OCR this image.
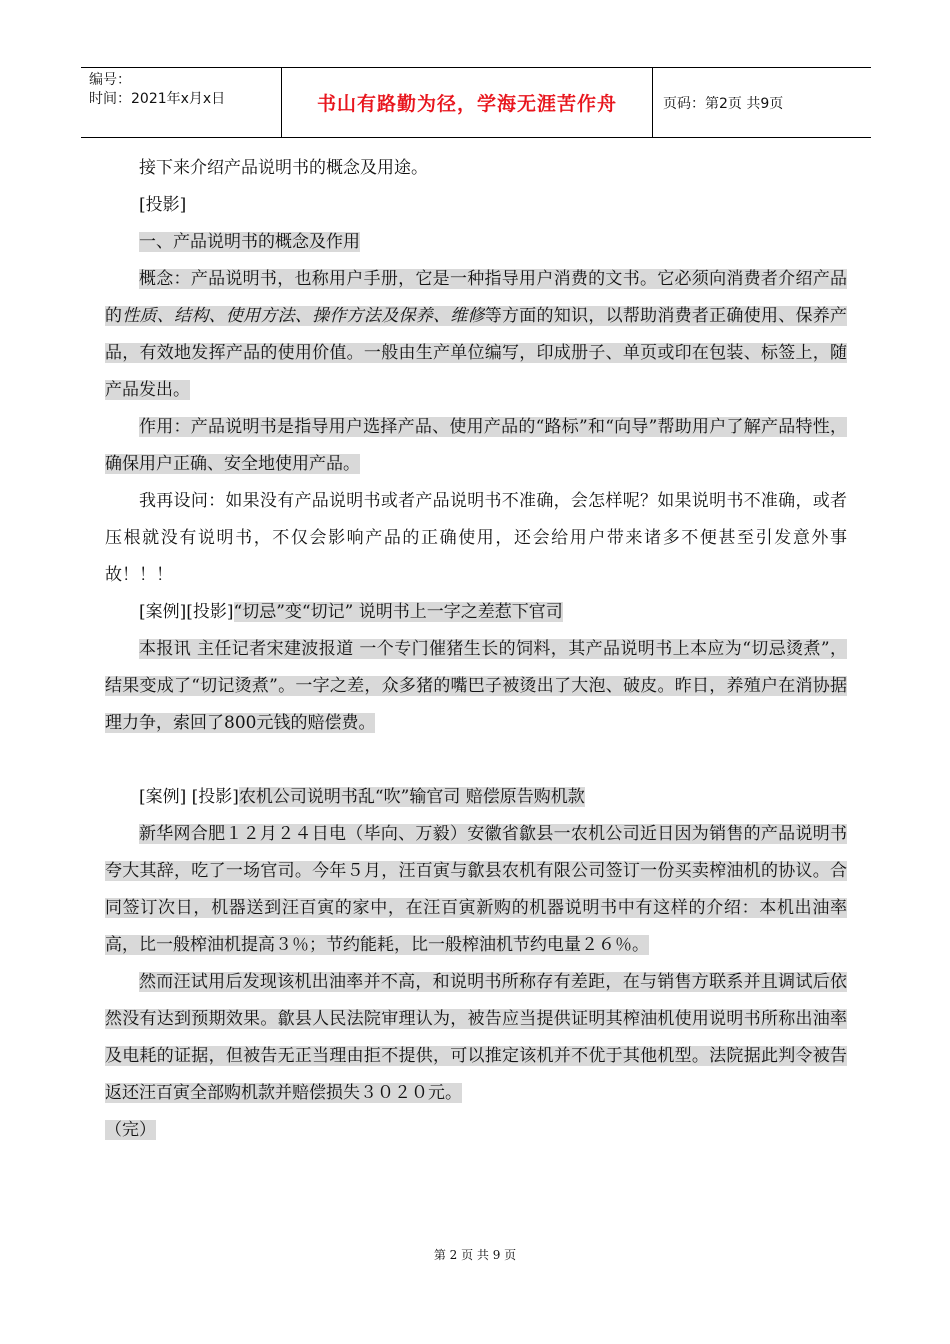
编号：
时间：2021年x月x日	书山有路勤为径，学海无涯苦作舟	页码：第2页 共9页

接下来介绍产品说明书的概念及用途。

[投影]

一、产品说明书的概念及作用

概念：产品说明书，也称用户手册，它是一种指导用户消费的文书。它必须向消费者介绍产品的性质、结构、使用方法、操作方法及保养、维修等方面的知识，以帮助消费者正确使用、保养产品，有效地发挥产品的使用价值。一般由生产单位编写，印成册子、单页或印在包装、标签上，随产品发出。

作用：产品说明书是指导用户选择产品、使用产品的“路标”和“向导”帮助用户了解产品特性，确保用户正确、安全地使用产品。

我再设问：如果没有产品说明书或者产品说明书不准确，会怎样呢？如果说明书不准确，或者压根就没有说明书，不仅会影响产品的正确使用，还会给用户带来诸多不便甚至引发意外事故！！！

[案例][投影]“切忌”变“切记” 说明书上一字之差惹下官司

本报讯 主任记者宋建波报道 一个专门催猪生长的饲料，其产品说明书上本应为“切忌烫煮”，结果变成了“切记烫煮”。一字之差，众多猪的嘴巴子被烫出了大泡、破皮。昨日，养殖户在消协据理力争，索回了800元钱的赔偿费。

[案例] [投影]农机公司说明书乱“吹”输官司 赔偿原告购机款

新华网合肥１２月２４日电（毕向、万毅）安徽省歙县一农机公司近日因为销售的产品说明书夸大其辞，吃了一场官司。今年５月，汪百寅与歙县农机有限公司签订一份买卖榨油机的协议。合同签订次日，机器送到汪百寅的家中，在汪百寅新购的机器说明书中有这样的介绍：本机出油率 高，比一般榨油机提高３％；节约能耗，比一般榨油机节约电量２６％。

然而汪试用后发现该机出油率并不高，和说明书所称存有差距，在与销售方联系并且调试后依然没有达到预期效果。歙县人民法院审理认为，被告应当提供证明其榨油机使用说明书所称出油率及电耗的证据，但被告无正当理由拒不提供，可以推定该机并不优于其他机型。法院据此判令被告返还汪百寅全部购机款并赔偿损失３０２０元。

（完）

第 2 页 共 9 页
